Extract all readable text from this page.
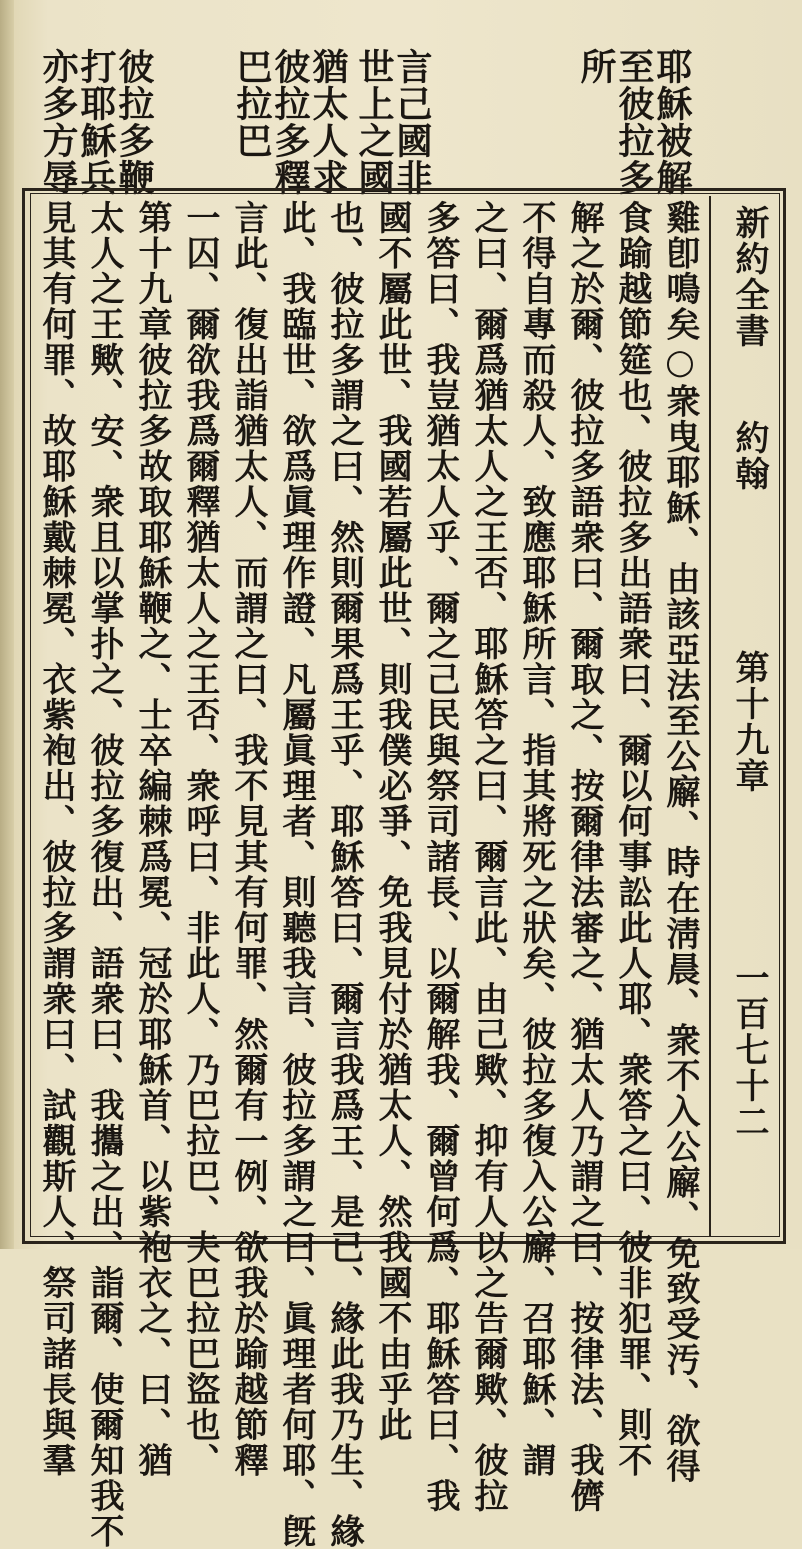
耶穌被解
至彼拉多
所
言己國非
世上之國
猶太人求
彼拉多釋
巴拉巴
彼拉多鞭
打耶穌兵
亦多方辱
新約全書
約翰
第十九章
一百七十二
雞卽鳴矣○衆曳耶穌、由該亞法至公廨、時在淸晨、衆不入公廨、免致受汚、欲得
食踰越節筵也、彼拉多出語衆曰、爾以何事訟此人耶、衆答之曰、彼非犯罪、則不
解之於爾、彼拉多語衆曰、爾取之、按爾律法審之、猶太人乃謂之曰、按律法、我儕
不得自專而殺人、致應耶穌所言、指其將死之狀矣、彼拉多復入公廨、召耶穌、謂
之曰、爾爲猶太人之王否、耶穌答之曰、爾言此、由己歟、抑有人以之告爾歟、彼拉
多答曰、我豈猶太人乎、爾之己民與祭司諸長、以爾解我、爾曾何爲、耶穌答曰、我
國不屬此世、我國若屬此世、則我僕必爭、免我見付於猶太人、然我國不由乎此
也、彼拉多謂之曰、然則爾果爲王乎、耶穌答曰、爾言我爲王、是已、緣此我乃生、緣
此、我臨世、欲爲眞理作證、凡屬眞理者、則聽我言、彼拉多謂之曰、眞理者何耶、旣
言此、復出詣猶太人、而謂之曰、我不見其有何罪、然爾有一例、欲我於踰越節釋
一囚、爾欲我爲爾釋猶太人之王否、衆呼曰、非此人、乃巴拉巴、夫巴拉巴盜也、
第十九章彼拉多故取耶穌鞭之、士卒編棘爲冕、冠於耶穌首、以紫袍衣之、曰、猶
太人之王歟、安、衆且以掌扑之、彼拉多復出、語衆曰、我攜之出、詣爾、使爾知我不
見其有何罪、故耶穌戴棘冕、衣紫袍出、彼拉多謂衆曰、試觀斯人、祭司諸長與羣
